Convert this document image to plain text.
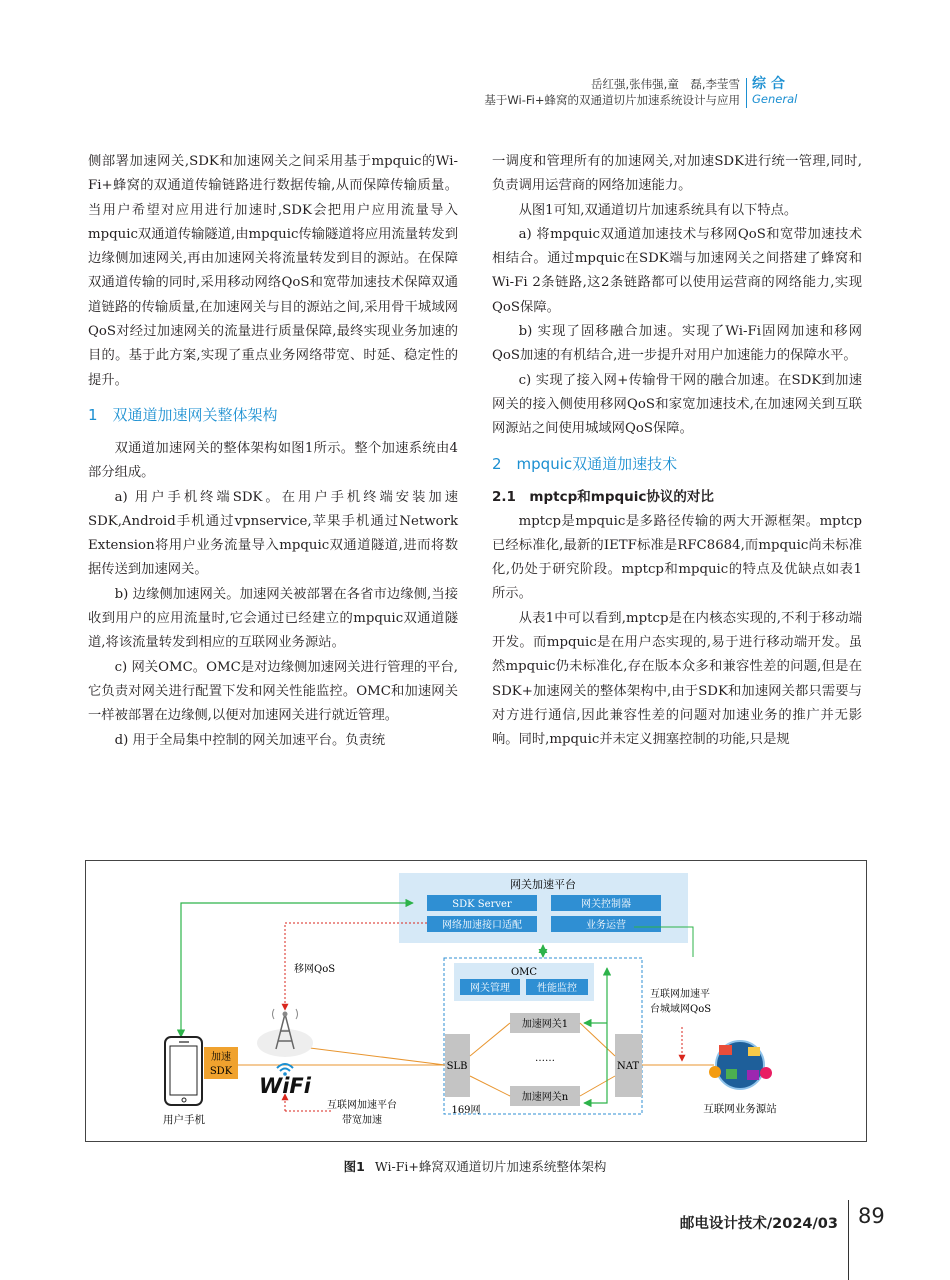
岳红强,张伟强,童　磊,李莹雪
基于Wi-Fi+蜂窝的双通道切片加速系统设计与应用
综合
General

侧部署加速网关,SDK和加速网关之间采用基于mpquic的Wi-Fi+蜂窝的双通道传输链路进行数据传输,从而保障传输质量。当用户希望对应用进行加速时,SDK会把用户应用流量导入mpquic双通道传输隧道,由mpquic传输隧道将应用流量转发到边缘侧加速网关,再由加速网关将流量转发到目的源站。在保障双通道传输的同时,采用移动网络QoS和宽带加速技术保障双通道链路的传输质量,在加速网关与目的源站之间,采用骨干城域网QoS对经过加速网关的流量进行质量保障,最终实现业务加速的目的。基于此方案,实现了重点业务网络带宽、时延、稳定性的提升。

1　双通道加速网关整体架构

双通道加速网关的整体架构如图1所示。整个加速系统由4部分组成。

a) 用户手机终端SDK。在用户手机终端安装加速SDK,Android手机通过vpnservice,苹果手机通过Network Extension将用户业务流量导入mpquic双通道隧道,进而将数据传送到加速网关。

b) 边缘侧加速网关。加速网关被部署在各省市边缘侧,当接收到用户的应用流量时,它会通过已经建立的mpquic双通道隧道,将该流量转发到相应的互联网业务源站。

c) 网关OMC。OMC是对边缘侧加速网关进行管理的平台,它负责对网关进行配置下发和网关性能监控。OMC和加速网关一样被部署在边缘侧,以便对加速网关进行就近管理。

d) 用于全局集中控制的网关加速平台。负责统

一调度和管理所有的加速网关,对加速SDK进行统一管理,同时,负责调用运营商的网络加速能力。

从图1可知,双通道切片加速系统具有以下特点。

a) 将mpquic双通道加速技术与移网QoS和宽带加速技术相结合。通过mpquic在SDK端与加速网关之间搭建了蜂窝和Wi-Fi 2条链路,这2条链路都可以使用运营商的网络能力,实现QoS保障。

b) 实现了固移融合加速。实现了Wi-Fi固网加速和移网QoS加速的有机结合,进一步提升对用户加速能力的保障水平。

c) 实现了接入网+传输骨干网的融合加速。在SDK到加速网关的接入侧使用移网QoS和家宽加速技术,在加速网关到互联网源站之间使用城域网QoS保障。

2　mpquic双通道加速技术
2.1　mptcp和mpquic协议的对比

mptcp是mpquic是多路径传输的两大开源框架。mptcp已经标准化,最新的IETF标准是RFC8684,而mpquic尚未标准化,仍处于研究阶段。mptcp和mpquic的特点及优缺点如表1所示。

从表1中可以看到,mptcp是在内核态实现的,不利于移动端开发。而mpquic是在用户态实现的,易于进行移动端开发。虽然mpquic仍未标准化,存在版本众多和兼容性差的问题,但是在SDK+加速网关的整体架构中,由于SDK和加速网关都只需要与对方进行通信,因此兼容性差的问题对加速业务的推广并无影响。同时,mpquic并未定义拥塞控制的功能,只是规

网关加速平台
SDK Server	网关控制器
网络加速接口适配	业务运营
OMC
网关管理	性能监控
加速网关1
……
加速网关n
SLB	NAT
169网
移网QoS
互联网加速平
台城域网QoS
互联网加速平台
带宽加速
加速
SDK
用户手机
WiFi
互联网业务源站
图1 Wi-Fi+蜂窝双通道切片加速系统整体架构
邮电设计技术/2024/03 89
